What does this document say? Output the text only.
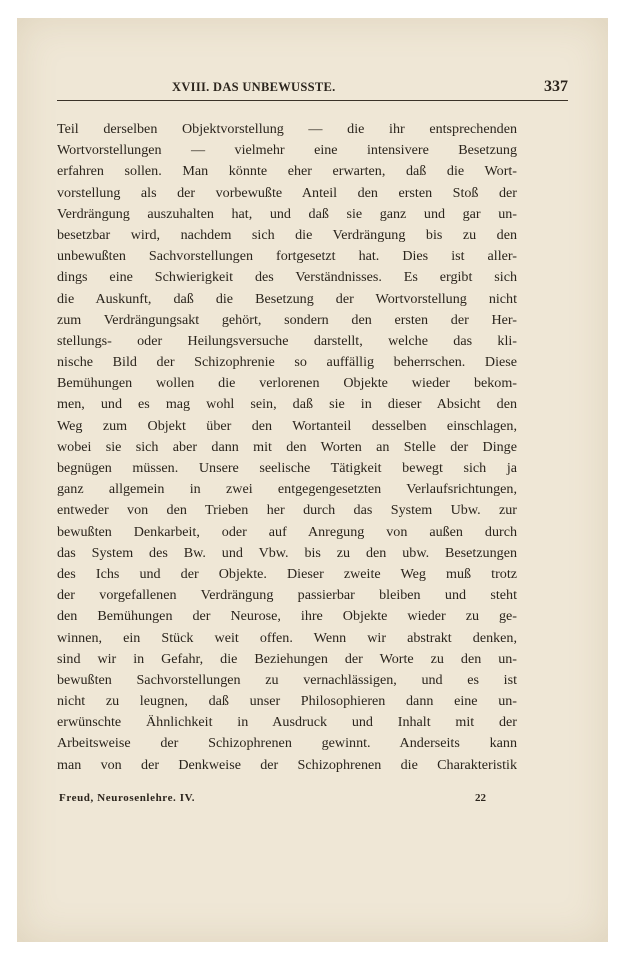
XVIII. DAS UNBEWUSSTE.	337
Teil derselben Objektvorstellung — die ihr entsprechenden
Wortvorstellungen — vielmehr eine intensivere Besetzung
erfahren sollen. Man könnte eher erwarten, daß die Wort-
vorstellung als der vorbewußte Anteil den ersten Stoß der
Verdrängung auszuhalten hat, und daß sie ganz und gar un-
besetzbar wird, nachdem sich die Verdrängung bis zu den
unbewußten Sachvorstellungen fortgesetzt hat. Dies ist aller-
dings eine Schwierigkeit des Verständnisses. Es ergibt sich
die Auskunft, daß die Besetzung der Wortvorstellung nicht
zum Verdrängungsakt gehört, sondern den ersten der Her-
stellungs- oder Heilungsversuche darstellt, welche das kli-
nische Bild der Schizophrenie so auffällig beherrschen. Diese
Bemühungen wollen die verlorenen Objekte wieder bekom-
men, und es mag wohl sein, daß sie in dieser Absicht den
Weg zum Objekt über den Wortanteil desselben einschlagen,
wobei sie sich aber dann mit den Worten an Stelle der Dinge
begnügen müssen. Unsere seelische Tätigkeit bewegt sich ja
ganz allgemein in zwei entgegengesetzten Verlaufsrichtungen,
entweder von den Trieben her durch das System Ubw. zur
bewußten Denkarbeit, oder auf Anregung von außen durch
das System des Bw. und Vbw. bis zu den ubw. Besetzungen
des Ichs und der Objekte. Dieser zweite Weg muß trotz
der vorgefallenen Verdrängung passierbar bleiben und steht
den Bemühungen der Neurose, ihre Objekte wieder zu ge-
winnen, ein Stück weit offen. Wenn wir abstrakt denken,
sind wir in Gefahr, die Beziehungen der Worte zu den un-
bewußten Sachvorstellungen zu vernachlässigen, und es ist
nicht zu leugnen, daß unser Philosophieren dann eine un-
erwünschte Ähnlichkeit in Ausdruck und Inhalt mit der
Arbeitsweise der Schizophrenen gewinnt. Anderseits kann
man von der Denkweise der Schizophrenen die Charakteristik
Freud, Neurosenlehre. IV.	22
